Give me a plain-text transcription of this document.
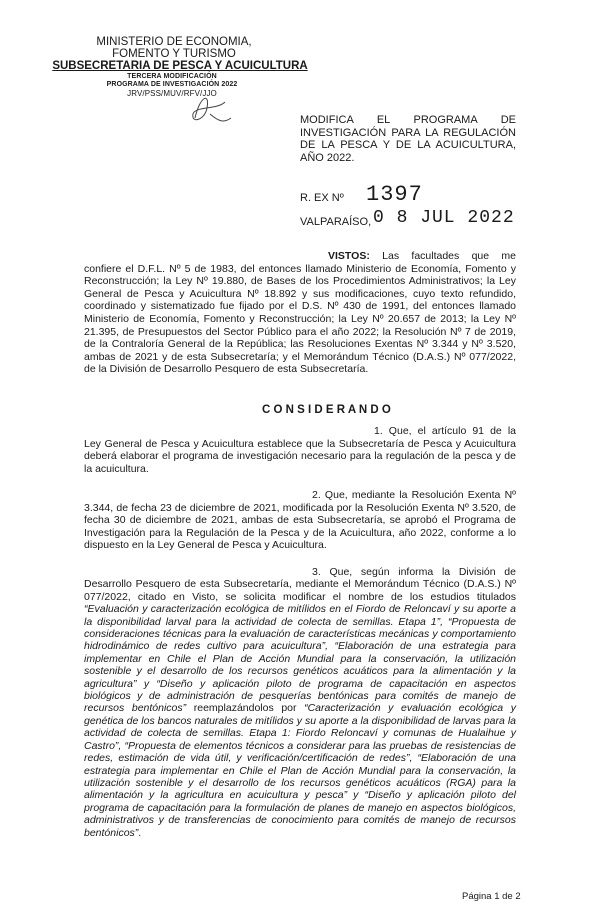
MINISTERIO DE ECONOMIA,
FOMENTO Y TURISMO
SUBSECRETARIA DE PESCA Y ACUICULTURA
TERCERA MODIFICACIÓN
PROGRAMA DE INVESTIGACIÓN 2022
JRV/PSS/MUV/RFV/JJO
MODIFICA EL PROGRAMA DE INVESTIGACIÓN PARA LA REGULACIÓN DE LA PESCA Y DE LA ACUICULTURA, AÑO 2022.
R. EX Nº 1397
VALPARAÍSO, 0 8 JUL 2022
VISTOS: Las facultades que me confiere el D.F.L. Nº 5 de 1983, del entonces llamado Ministerio de Economía, Fomento y Reconstrucción; la Ley Nº 19.880, de Bases de los Procedimientos Administrativos; la Ley General de Pesca y Acuicultura Nº 18.892 y sus modificaciones, cuyo texto refundido, coordinado y sistematizado fue fijado por el D.S. Nº 430 de 1991, del entonces llamado Ministerio de Economía, Fomento y Reconstrucción; la Ley Nº 20.657 de 2013; la Ley Nº 21.395, de Presupuestos del Sector Público para el año 2022; la Resolución Nº 7 de 2019, de la Contraloría General de la República; las Resoluciones Exentas Nº 3.344 y Nº 3.520, ambas de 2021 y de esta Subsecretaría; y el Memorándum Técnico (D.A.S.) Nº 077/2022, de la División de Desarrollo Pesquero de esta Subsecretaría.
C O N S I D E R A N D O
1. Que, el artículo 91 de la Ley General de Pesca y Acuicultura establece que la Subsecretaría de Pesca y Acuicultura deberá elaborar el programa de investigación necesario para la regulación de la pesca y de la acuicultura.
2. Que, mediante la Resolución Exenta Nº 3.344, de fecha 23 de diciembre de 2021, modificada por la Resolución Exenta Nº 3.520, de fecha 30 de diciembre de 2021, ambas de esta Subsecretaría, se aprobó el Programa de Investigación para la Regulación de la Pesca y de la Acuicultura, año 2022, conforme a lo dispuesto en la Ley General de Pesca y Acuicultura.
3. Que, según informa la División de Desarrollo Pesquero de esta Subsecretaría, mediante el Memorándum Técnico (D.A.S.) Nº 077/2022, citado en Visto, se solicita modificar el nombre de los estudios titulados “Evaluación y caracterización ecológica de mitílidos en el Fiordo de Reloncaví y su aporte a la disponibilidad larval para la actividad de colecta de semillas. Etapa 1”, “Propuesta de consideraciones técnicas para la evaluación de características mecánicas y comportamiento hidrodinámico de redes cultivo para acuicultura”, “Elaboración de una estrategia para implementar en Chile el Plan de Acción Mundial para la conservación, la utilización sostenible y el desarrollo de los recursos genéticos acuáticos para la alimentación y la agricultura” y “Diseño y aplicación piloto de programa de capacitación en aspectos biológicos y de administración de pesquerías bentónicas para comités de manejo de recursos bentónicos” reemplazándolos por “Caracterización y evaluación ecológica y genética de los bancos naturales de mitílidos y su aporte a la disponibilidad de larvas para la actividad de colecta de semillas. Etapa 1: Fiordo Reloncaví y comunas de Hualaihue y Castro”, “Propuesta de elementos técnicos a considerar para las pruebas de resistencias de redes, estimación de vida útil, y verificación/certificación de redes”, “Elaboración de una estrategia para implementar en Chile el Plan de Acción Mundial para la conservación, la utilización sostenible y el desarrollo de los recursos genéticos acuáticos (RGA) para la alimentación y la agricultura en acuicultura y pesca” y “Diseño y aplicación piloto del programa de capacitación para la formulación de planes de manejo en aspectos biológicos, administrativos y de transferencias de conocimiento para comités de manejo de recursos bentónicos”.
Página 1 de 2
